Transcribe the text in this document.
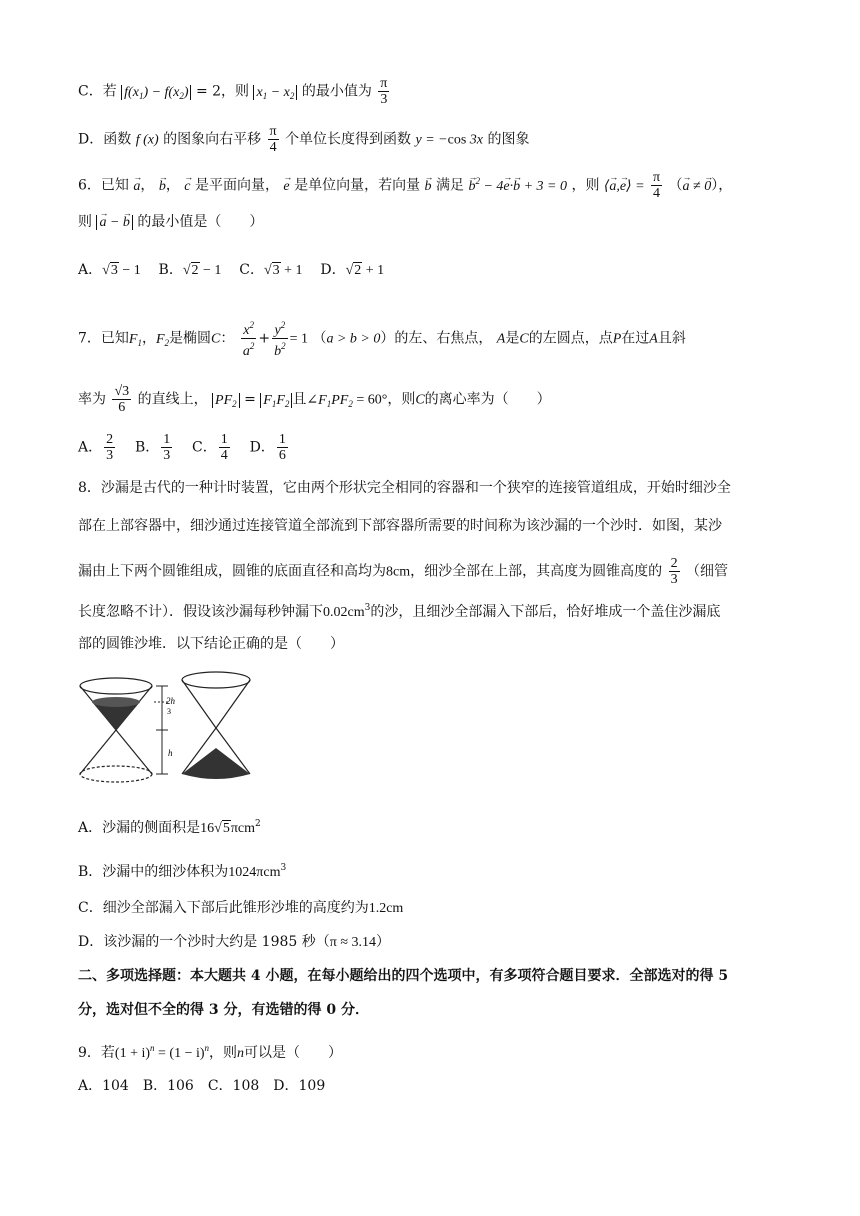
C．若 $f(x_1) - f(x_2) = 2$，则 $x_1 - x_2$ 的最小值为 $\frac{\pi}{3}$
D．函数 f (x) 的图象向右平移 $\frac{\pi}{4}$ 个单位长度得到函数 y = −cos 3x 的图象
6．已知 → a， → b， → c 是平面向量， → e 是单位向量，若向量 → b 满足 → $b^2 - 4\to e\cdot\to b + 3 = 0$ ，则 ⟨→ a,→ e⟩ = $\frac{\pi}{4}$ （→ a ≠ → 0），
则 → a − → b 的最小值是（　　）
A．√3 − 1 B．√2 − 1 C．√3 + 1 D．√2 + 1
7．已知$F_1$，$F_2$是椭圆C： $\frac{x^2}{a^2} + \frac{y^2}{b^2} = 1$ （a > b > 0）的左、右焦点， A是C的左圆点，点P在过A且斜
率为 $\frac{√3}{6}$ 的直线上， $PF_2 = F_1F_2$ 且$\angle F_1PF_2 = 60^\circ$，则C的离心率为（　　）
A． $\frac{2}{3}$ B． $\frac{1}{3}$ C． $\frac{1}{4}$ D． $\frac{1}{6}$
8．沙漏是古代的一种计时装置，它由两个形状完全相同的容器和一个狭窄的连接管道组成，开始时细沙全
部在上部容器中，细沙通过连接管道全部流到下部容器所需要的时间称为该沙漏的一个沙时．如图，某沙
漏由上下两个圆锥组成，圆锥的底面直径和高均为8cm，细沙全部在上部，其高度为圆锥高度的 $\frac{2}{3}$ （细管
长度忽略不计）．假设该沙漏每秒钟漏下$0.02cm^3$的沙，且细沙全部漏入下部后，恰好堆成一个盖住沙漏底
部的圆锥沙堆．以下结论正确的是（　　）
2h
3
h
A．沙漏的侧面积是16√5πcm$^2$
B．沙漏中的细沙体积为1024πcm$^3$
C．细沙全部漏入下部后此锥形沙堆的高度约为1.2cm
D．该沙漏的一个沙时大约是 1985 秒（π ≈ 3.14）
二、多项选择题：本大题共 4 小题，在每小题给出的四个选项中，有多项符合题目要求．全部选对的得 5
分，选对但不全的得 3 分，有选错的得 0 分．
9．若$(1 + i)^n = (1 - i)^n$，则n可以是（　　）
A．104　B．106　C．108　D．109
